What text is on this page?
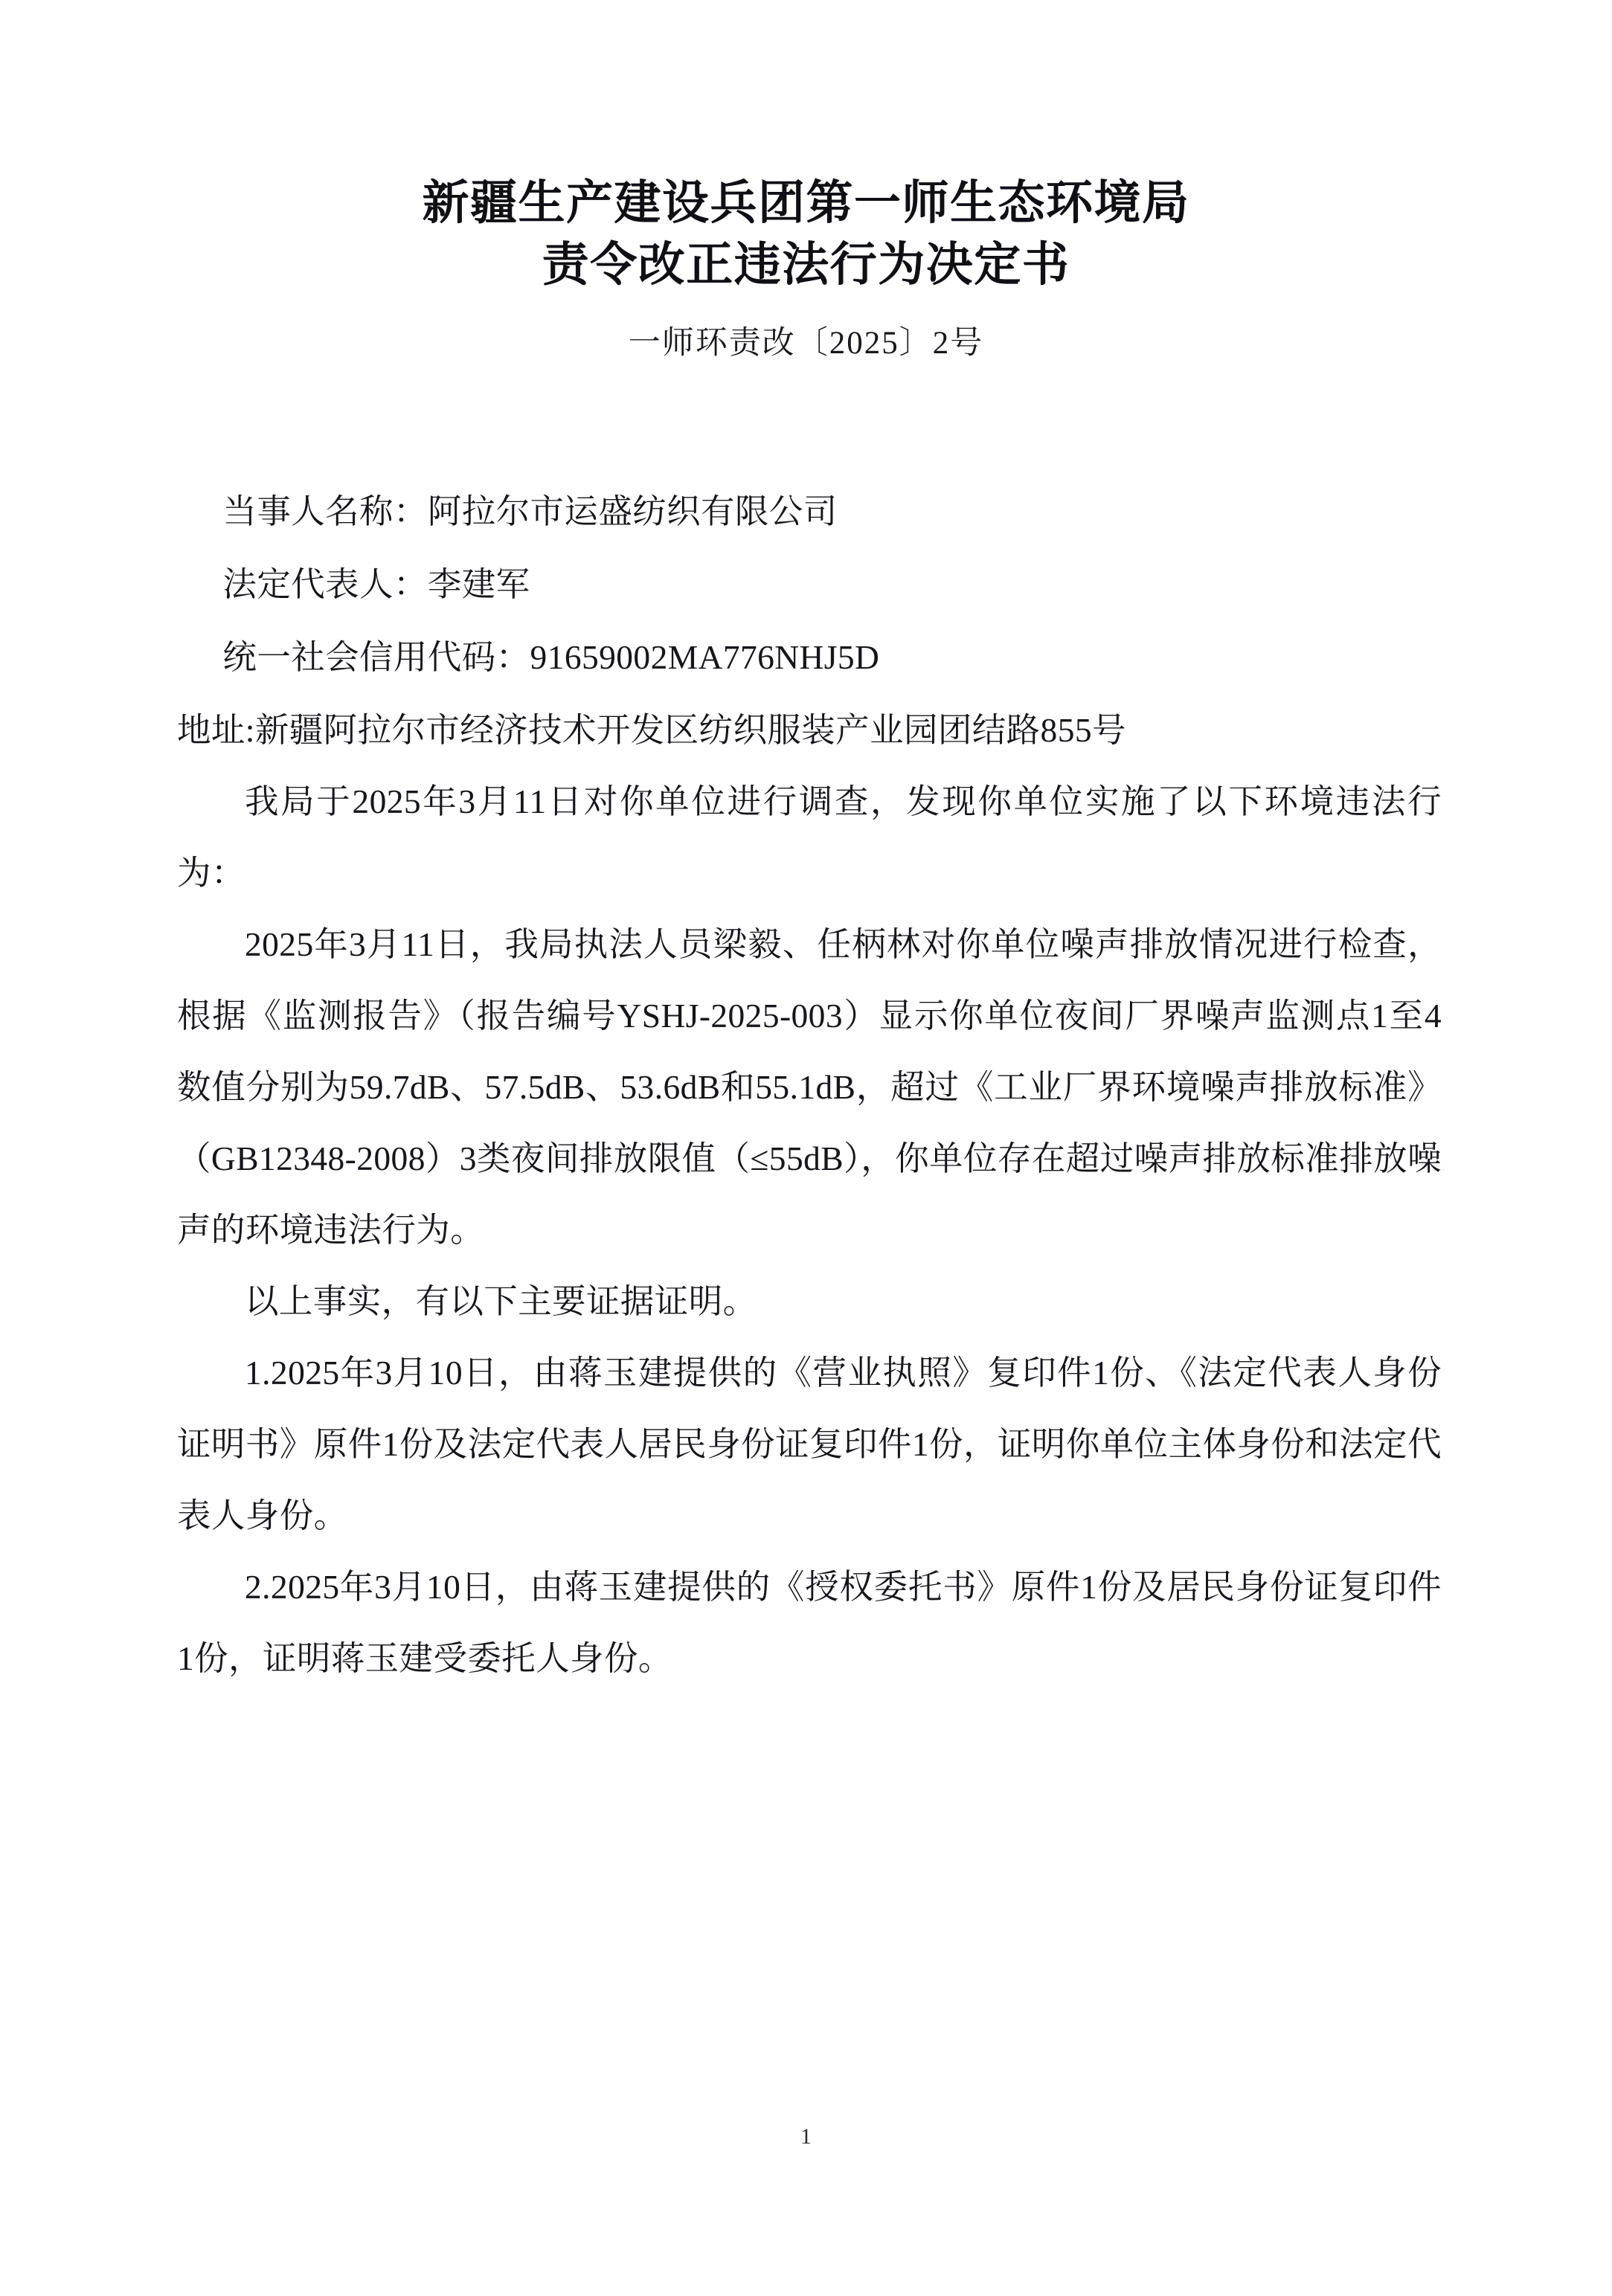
新疆生产建设兵团第一师生态环境局
责令改正违法行为决定书
一师环责改〔2025〕2号

当事人名称：阿拉尔市运盛纺织有限公司

法定代表人：李建军

统一社会信用代码：91659002MA776NHJ5D

地址:新疆阿拉尔市经济技术开发区纺织服装产业园团结路855号

我局于2025年3月11日对你单位进行调查，发现你单位实施了以下环境违法行为：

2025年3月11日，我局执法人员梁毅、任柄林对你单位噪声排放情况进行检查，根据《监测报告》（报告编号YSHJ-2025-003）显示你单位夜间厂界噪声监测点1至4数值分别为59.7dB、57.5dB、53.6dB和55.1dB，超过《工业厂界环境噪声排放标准》（GB12348-2008）3类夜间排放限值（≤55dB），你单位存在超过噪声排放标准排放噪声的环境违法行为。

以上事实，有以下主要证据证明。

1.2025年3月10日，由蒋玉建提供的《营业执照》复印件1份、《法定代表人身份证明书》原件1份及法定代表人居民身份证复印件1份，证明你单位主体身份和法定代表人身份。

2.2025年3月10日，由蒋玉建提供的《授权委托书》原件1份及居民身份证复印件1份，证明蒋玉建受委托人身份。

1
